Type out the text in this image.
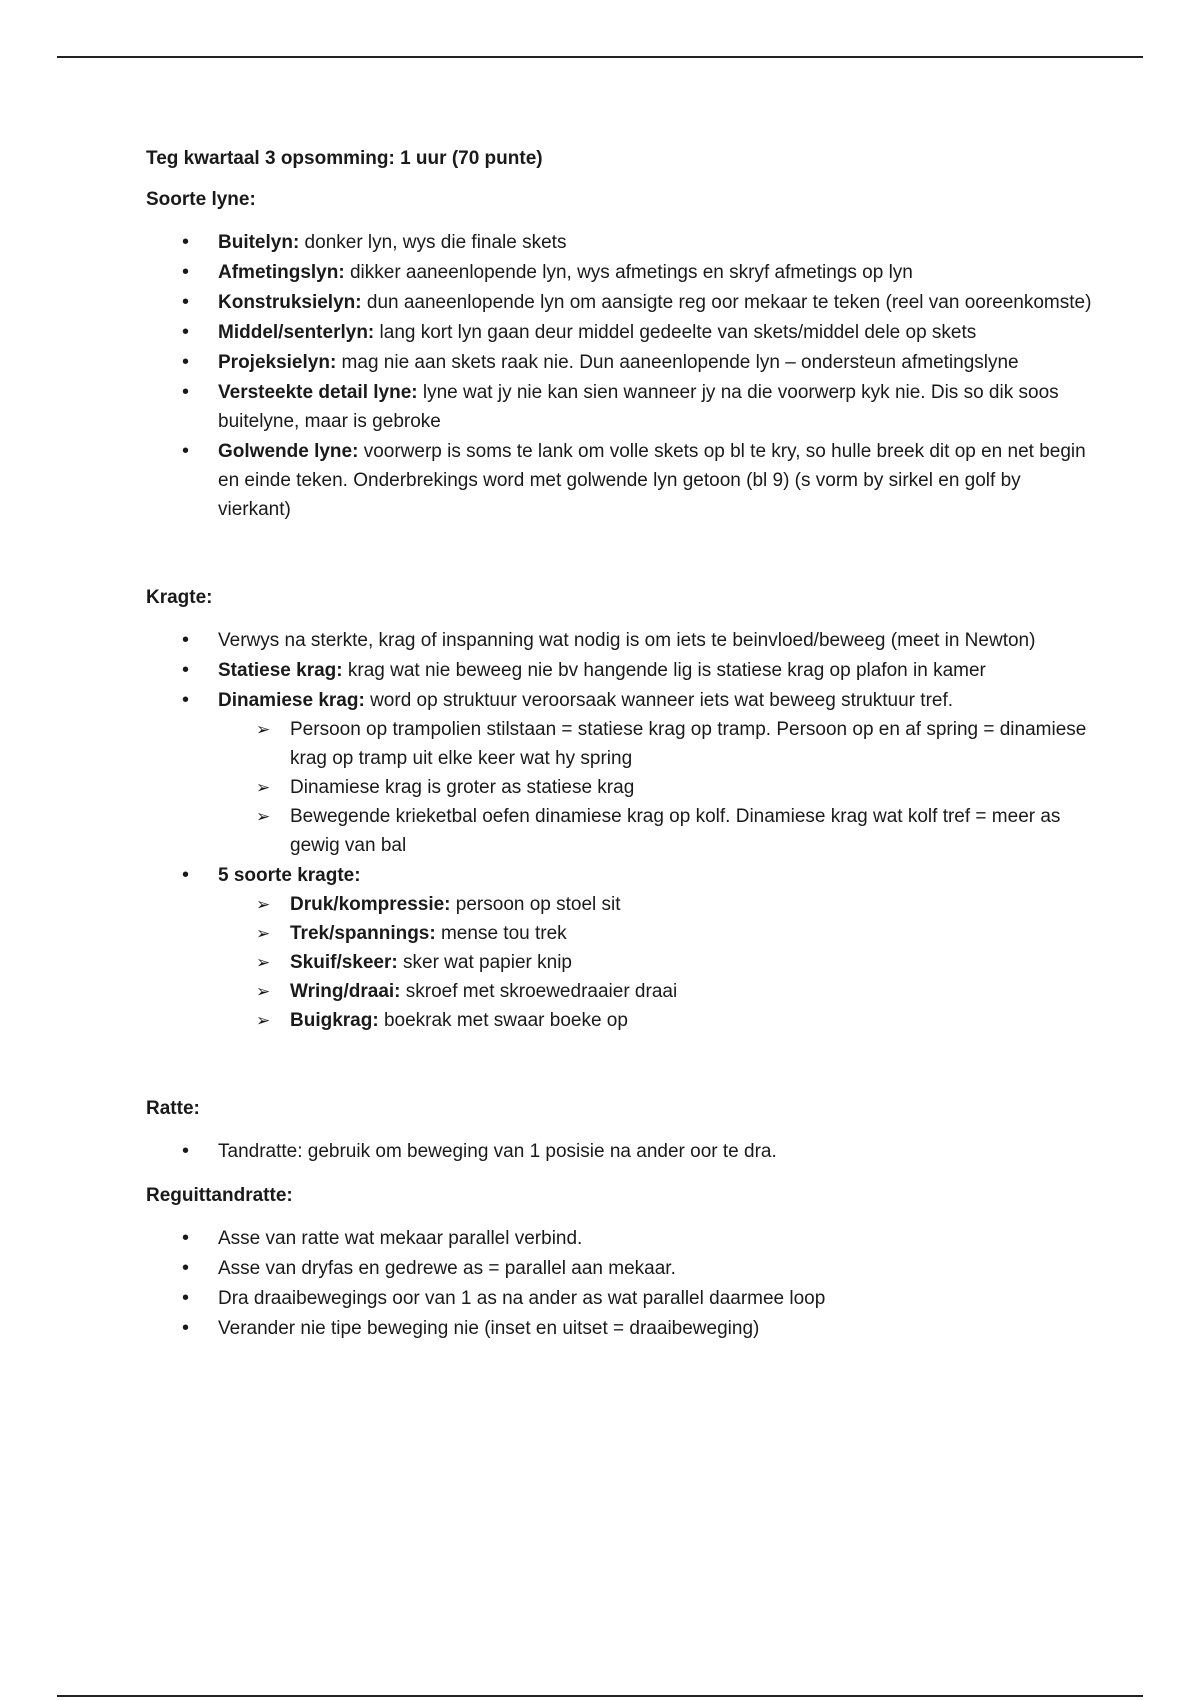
Teg kwartaal 3 opsomming: 1 uur (70 punte)
Soorte lyne:
• Buitelyn: donker lyn, wys die finale skets
• Afmetingslyn: dikker aaneenlopende lyn, wys afmetings en skryf afmetings op lyn
• Konstruksielyn: dun aaneenlopende lyn om aansigte reg oor mekaar te teken (reel van ooreenkomste)
• Middel/senterlyn: lang kort lyn gaan deur middel gedeelte van skets/middel dele op skets
• Projeksielyn: mag nie aan skets raak nie. Dun aaneenlopende lyn – ondersteun afmetingslyne
• Versteekte detail lyne: lyne wat jy nie kan sien wanneer jy na die voorwerp kyk nie. Dis so dik soos buitelyne, maar is gebroke
• Golwende lyne: voorwerp is soms te lank om volle skets op bl te kry, so hulle breek dit op en net begin en einde teken. Onderbrekings word met golwende lyn getoon (bl 9) (s vorm by sirkel en golf by vierkant)
Kragte:
• Verwys na sterkte, krag of inspanning wat nodig is om iets te beinvloed/beweeg (meet in Newton)
• Statiese krag: krag wat nie beweeg nie bv hangende lig is statiese krag op plafon in kamer
• Dinamiese krag: word op struktuur veroorsaak wanneer iets wat beweeg struktuur tref.
➢ Persoon op trampolien stilstaan = statiese krag op tramp. Persoon op en af spring = dinamiese krag op tramp uit elke keer wat hy spring
➢ Dinamiese krag is groter as statiese krag
➢ Bewegende krieketbal oefen dinamiese krag op kolf. Dinamiese krag wat kolf tref = meer as gewig van bal
• 5 soorte kragte:
➢ Druk/kompressie: persoon op stoel sit
➢ Trek/spannings: mense tou trek
➢ Skuif/skeer: sker wat papier knip
➢ Wring/draai: skroef met skroewedraaier draai
➢ Buigkrag: boekrak met swaar boeke op
Ratte:
• Tandratte: gebruik om beweging van 1 posisie na ander oor te dra.
Reguittandratte:
• Asse van ratte wat mekaar parallel verbind.
• Asse van dryfas en gedrewe as = parallel aan mekaar.
• Dra draaibewegings oor van 1 as na ander as wat parallel daarmee loop
• Verander nie tipe beweging nie (inset en uitset = draaibeweging)
